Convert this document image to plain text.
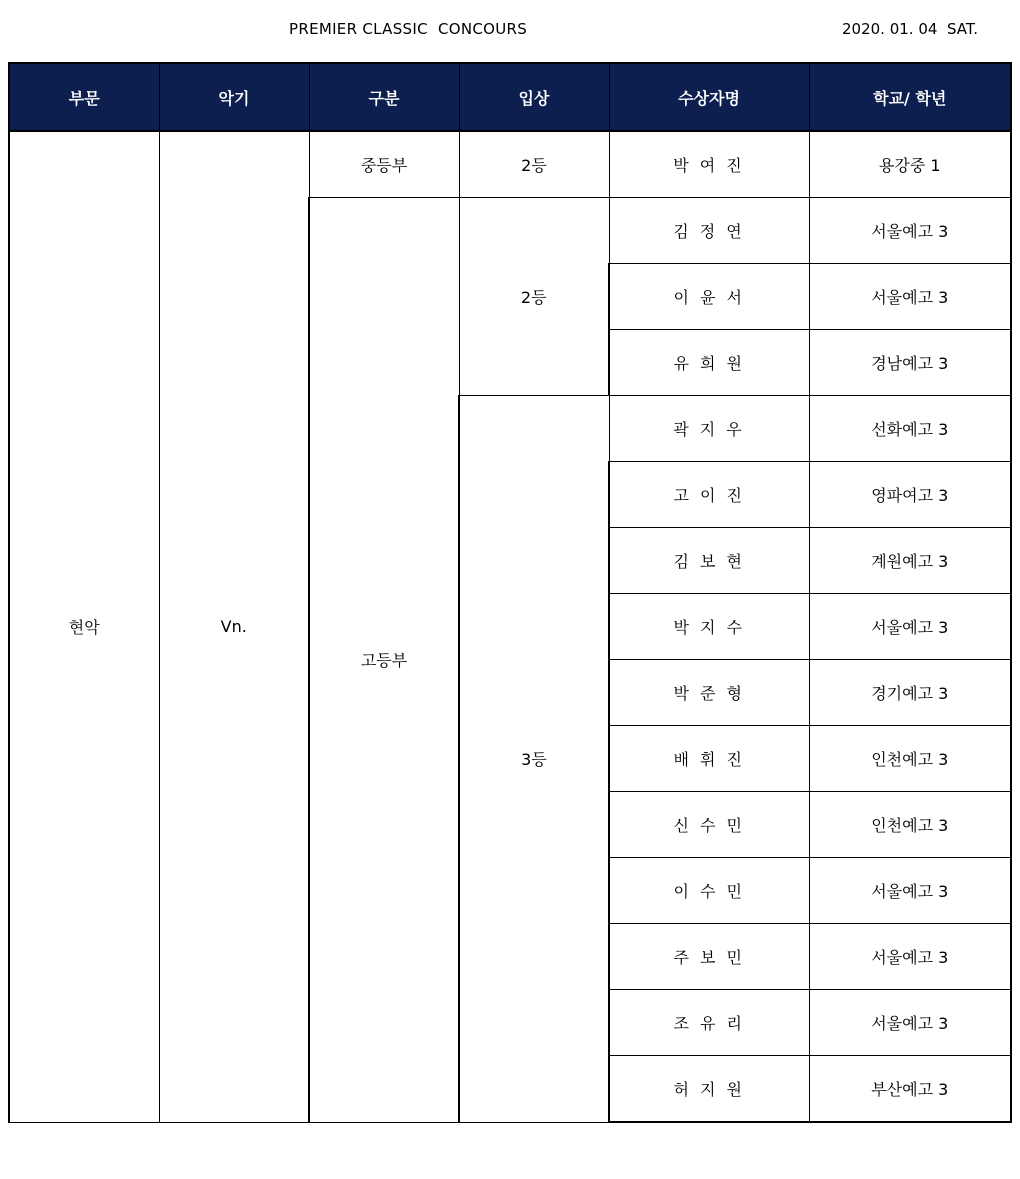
PREMIER CLASSIC  CONCOURS	2020. 01. 04  SAT.
부문	악기	구분	입상	수상자명	학교/ 학년
현악	Vn.	중등부	2등	박 여 진	용강중 1
		고등부	2등	김 정 연	서울예고 3
				이 윤 서	서울예고 3
				유 희 원	경남예고 3
			3등	곽 지 우	선화예고 3
				고 이 진	영파여고 3
				김 보 현	계원예고 3
				박 지 수	서울예고 3
				박 준 형	경기예고 3
				배 휘 진	인천예고 3
				신 수 민	인천예고 3
				이 수 민	서울예고 3
				주 보 민	서울예고 3
				조 유 리	서울예고 3
				허 지 원	부산예고 3
